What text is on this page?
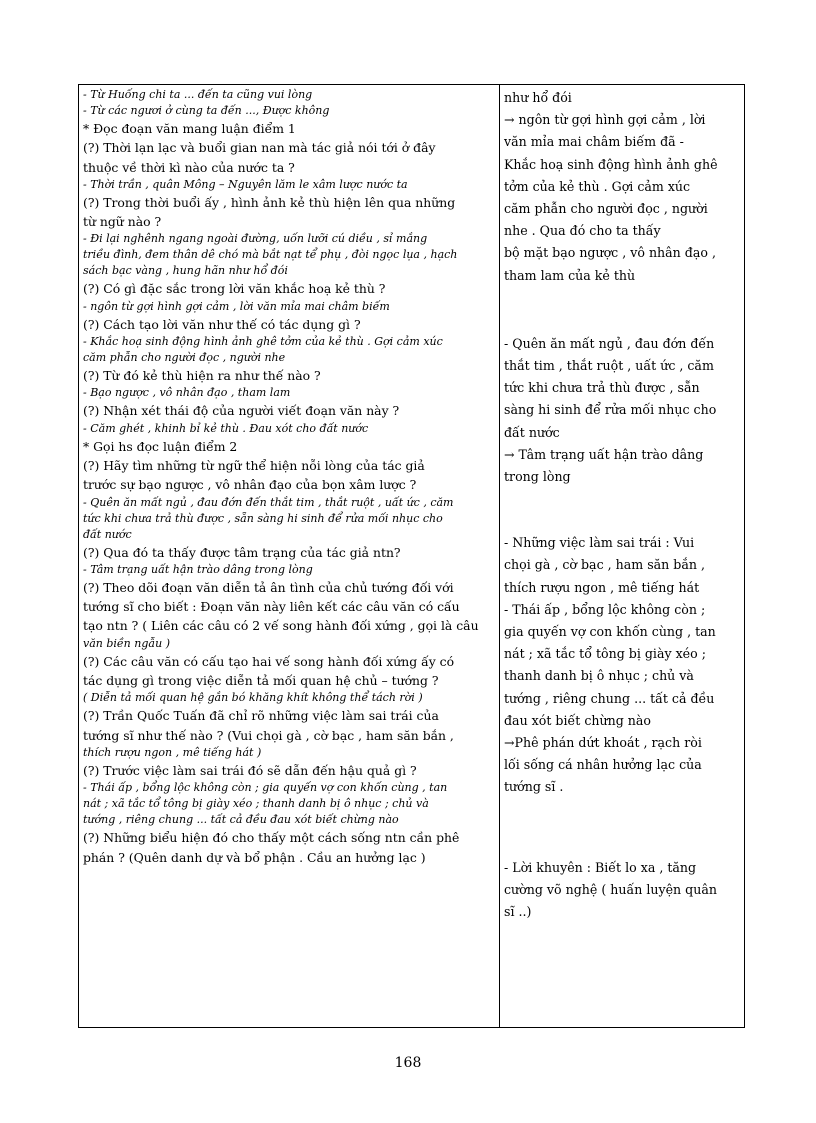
- Từ Huống chi ta ... đến ta cũng vui lòng
- Từ các ngươi ở cùng ta đến ..., Được không
* Đọc đoạn văn mang luận điểm 1
(?) Thời lạn lạc và buổi gian nan mà tác giả nói tới ở đây
thuộc về thời kì nào của nước ta ?
- Thời trần , quân Mông – Nguyên lăm le xâm lược nước ta
(?) Trong thời buổi ấy , hình ảnh kẻ thù hiện lên qua những
từ ngữ nào ?
- Đi lại nghênh ngang ngoài đường, uốn lưỡi cú diều , sỉ mắng
triều đình, đem thân dê chó mà bắt nạt tể phụ , đòi ngọc lụa , hạch
sách bạc vàng , hung hãn như hổ đói
(?) Có gì đặc sắc trong lời văn khắc hoạ kẻ thù ?
- ngôn từ gợi hình gợi cảm , lời văn mỉa mai châm biếm
(?) Cách tạo lời văn như thế có tác dụng gì ?
- Khắc hoạ sinh động hình ảnh ghê tởm của kẻ thù . Gợi cảm xúc
căm phẫn cho người đọc , người nhe
(?) Từ đó kẻ thù hiện ra như thế nào ?
- Bạo ngược , vô nhân đạo , tham lam
(?) Nhận xét thái độ của người viết đoạn văn này ?
- Căm ghét , khinh bỉ kẻ thù . Đau xót cho đất nước
* Gọi hs đọc luận điểm 2
(?) Hãy tìm những từ ngữ thể hiện nỗi lòng của tác giả
trước sự bạo ngược , vô nhân đạo của bọn xâm lược ?
- Quên ăn mất ngủ , đau đớn đến thắt tim , thắt ruột , uất ức , căm
tức khi chưa trả thù được , sẵn sàng hi sinh để rửa mối nhục cho
đất nước
(?) Qua đó ta thấy được tâm trạng của tác giả ntn?
- Tâm trạng uất hận trào dâng trong lòng
(?) Theo dõi đoạn văn diễn tả ân tình của chủ tướng đối với
tướng sĩ cho biết : Đoạn văn này liên kết các câu văn có cấu
tạo ntn ? ( Liên các câu có 2 vế song hành đối xứng , gọi là câu
văn biền ngẫu )
(?) Các câu văn có cấu tạo hai vế song hành đối xứng ấy có
tác dụng gì trong việc diễn tả mối quan hệ chủ – tướng ?
( Diễn tả mối quan hệ gắn bó khăng khít không thể tách rời )
(?) Trần Quốc Tuấn đã chỉ rõ những việc làm sai trái của
tướng sĩ như thế nào ? (Vui chọi gà , cờ bạc , ham săn bắn ,
thích rượu ngon , mê tiếng hát )
(?) Trước việc làm sai trái đó sẽ dẫn đến hậu quả gì ?
- Thái ấp , bổng lộc không còn ; gia quyến vợ con khốn cùng , tan
nát ; xã tắc tổ tông bị giày xéo ; thanh danh bị ô nhục ; chủ và
tướng , riêng chung ... tất cả đều đau xót biết chừng nào
(?) Những biểu hiện đó cho thấy một cách sống ntn cần phê
phán ? (Quên danh dự và bổ phận . Cầu an hưởng lạc )
như hổ đói
→ ngôn từ gợi hình gợi cảm , lời
văn mỉa mai châm biếm đã -
Khắc hoạ sinh động hình ảnh ghê
tởm của kẻ thù . Gợi cảm xúc
căm phẫn cho người đọc , người
nhe . Qua đó cho ta thấy
bộ mặt bạo ngược , vô nhân đạo ,
tham lam của kẻ thù
- Quên ăn mất ngủ , đau đớn đến
thắt tim , thắt ruột , uất ức , căm
tức khi chưa trả thù được , sẵn
sàng hi sinh để rửa mối nhục cho
đất nước
→ Tâm trạng uất hận trào dâng
trong lòng
- Những việc làm sai trái : Vui
chọi gà , cờ bạc , ham săn bắn ,
thích rượu ngon , mê tiếng hát
- Thái ấp , bổng lộc không còn ;
gia quyến vợ con khốn cùng , tan
nát ; xã tắc tổ tông bị giày xéo ;
thanh danh bị ô nhục ; chủ và
tướng , riêng chung ... tất cả đều
đau xót biết chừng nào
→Phê phán dứt khoát , rạch ròi
lối sống cá nhân hưởng lạc của
tướng sĩ .
- Lời khuyên : Biết lo xa , tăng
cường võ nghệ ( huấn luyện quân
sĩ ..)
168
